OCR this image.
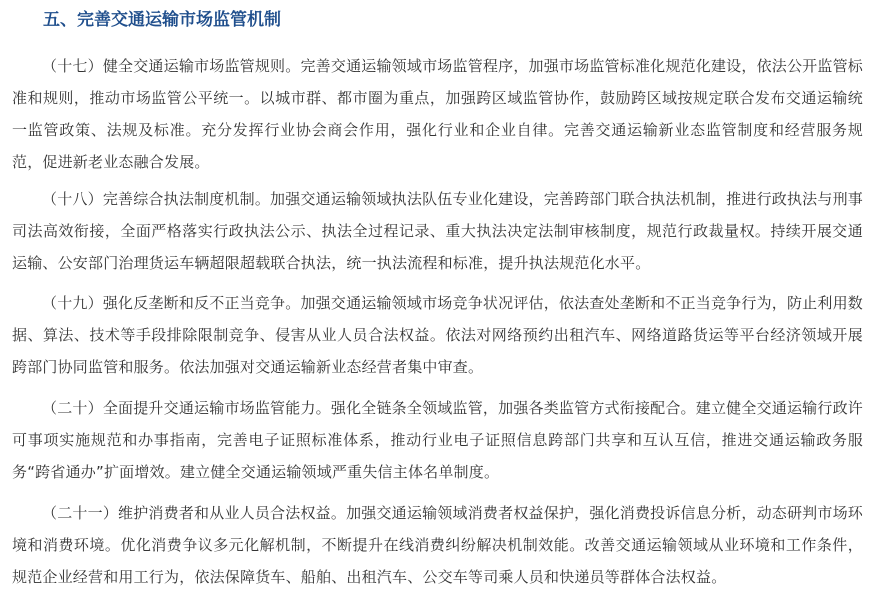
五、完善交通运输市场监管机制

（十七）健全交通运输市场监管规则。完善交通运输领域市场监管程序，加强市场监管标准化规范化建设，依法公开监管标准和规则，推动市场监管公平统一。以城市群、都市圈为重点，加强跨区域监管协作，鼓励跨区域按规定联合发布交通运输统一监管政策、法规及标准。充分发挥行业协会商会作用，强化行业和企业自律。完善交通运输新业态监管制度和经营服务规范，促进新老业态融合发展。

（十八）完善综合执法制度机制。加强交通运输领域执法队伍专业化建设，完善跨部门联合执法机制，推进行政执法与刑事司法高效衔接，全面严格落实行政执法公示、执法全过程记录、重大执法决定法制审核制度，规范行政裁量权。持续开展交通运输、公安部门治理货运车辆超限超载联合执法，统一执法流程和标准，提升执法规范化水平。

（十九）强化反垄断和反不正当竞争。加强交通运输领域市场竞争状况评估，依法查处垄断和不正当竞争行为，防止利用数据、算法、技术等手段排除限制竞争、侵害从业人员合法权益。依法对网络预约出租汽车、网络道路货运等平台经济领域开展跨部门协同监管和服务。依法加强对交通运输新业态经营者集中审查。

（二十）全面提升交通运输市场监管能力。强化全链条全领域监管，加强各类监管方式衔接配合。建立健全交通运输行政许可事项实施规范和办事指南，完善电子证照标准体系，推动行业电子证照信息跨部门共享和互认互信，推进交通运输政务服务“跨省通办”扩面增效。建立健全交通运输领域严重失信主体名单制度。

（二十一）维护消费者和从业人员合法权益。加强交通运输领域消费者权益保护，强化消费投诉信息分析，动态研判市场环境和消费环境。优化消费争议多元化解机制，不断提升在线消费纠纷解决机制效能。改善交通运输领域从业环境和工作条件，规范企业经营和用工行为，依法保障货车、船舶、出租汽车、公交车等司乘人员和快递员等群体合法权益。
